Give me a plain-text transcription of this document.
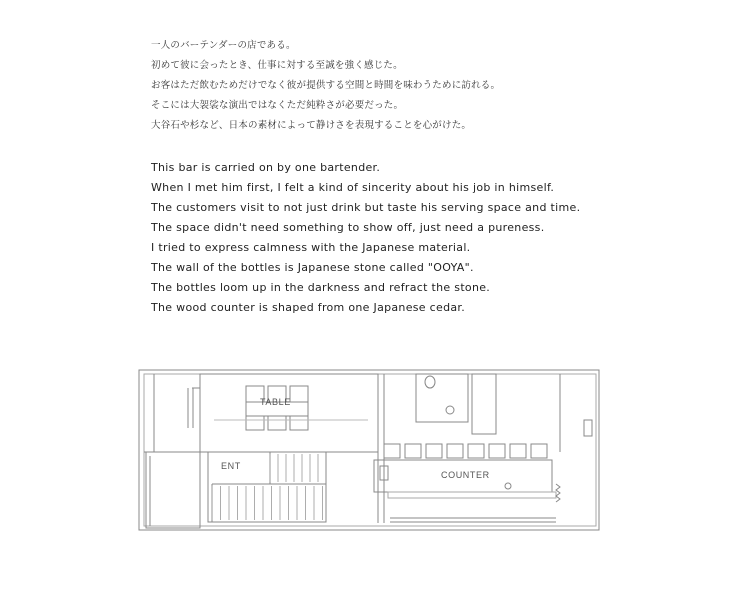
一人のバーテンダーの店である。
初めて彼に会ったとき、仕事に対する至誠を強く感じた。
お客はただ飲むためだけでなく彼が提供する空間と時間を味わうために訪れる。
そこには大袈裟な演出ではなくただ純粋さが必要だった。
大谷石や杉など、日本の素材によって静けさを表現することを心がけた。
This bar is carried on by one bartender.
When I met him first, I felt a kind of sincerity about his job in himself.
The customers visit to not just drink but taste his serving space and time.
The space didn't need something to show off, just need a pureness.
I tried to express calmness with the Japanese material.
The wall of the bottles is Japanese stone called "OOYA".
The bottles loom up in the darkness and refract the stone.
The wood counter is shaped from one Japanese cedar.
TABLE
ENT
COUNTER
